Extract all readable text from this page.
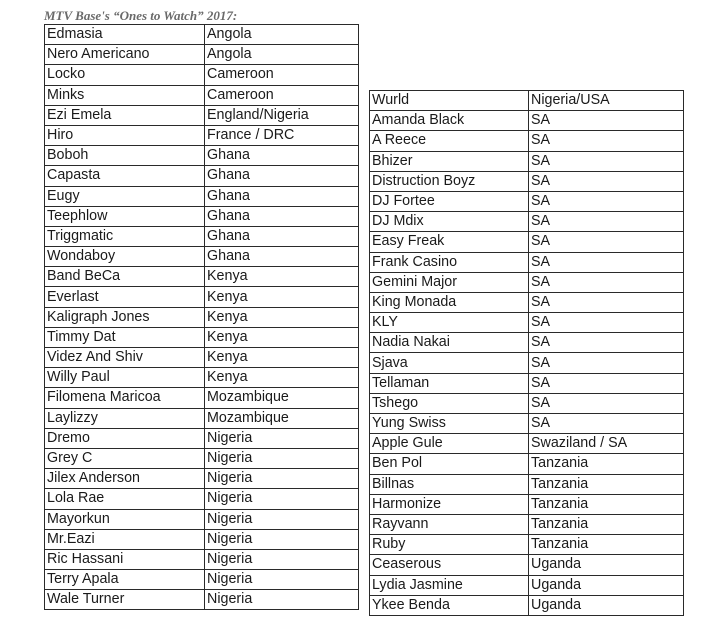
MTV Base's “Ones to Watch” 2017:
Edmasia	Angola
Nero Americano	Angola
Locko	Cameroon
Minks	Cameroon
Ezi Emela	England/Nigeria
Hiro	France / DRC
Boboh	Ghana
Capasta	Ghana
Eugy	Ghana
Teephlow	Ghana
Triggmatic	Ghana
Wondaboy	Ghana
Band BeCa	Kenya
Everlast	Kenya
Kaligraph Jones	Kenya
Timmy Dat	Kenya
Videz And Shiv	Kenya
Willy Paul	Kenya
Filomena Maricoa	Mozambique
Laylizzy	Mozambique
Dremo	Nigeria
Grey C	Nigeria
Jilex Anderson	Nigeria
Lola Rae	Nigeria
Mayorkun	Nigeria
Mr.Eazi	Nigeria
Ric Hassani	Nigeria
Terry Apala	Nigeria
Wale Turner	Nigeria
Wurld	Nigeria/USA
Amanda Black	SA
A Reece	SA
Bhizer	SA
Distruction Boyz	SA
DJ Fortee	SA
DJ Mdix	SA
Easy Freak	SA
Frank Casino	SA
Gemini Major	SA
King Monada	SA
KLY	SA
Nadia Nakai	SA
Sjava	SA
Tellaman	SA
Tshego	SA
Yung Swiss	SA
Apple Gule	Swaziland / SA
Ben Pol	Tanzania
Billnas	Tanzania
Harmonize	Tanzania
Rayvann	Tanzania
Ruby	Tanzania
Ceaserous	Uganda
Lydia Jasmine	Uganda
Ykee Benda	Uganda
